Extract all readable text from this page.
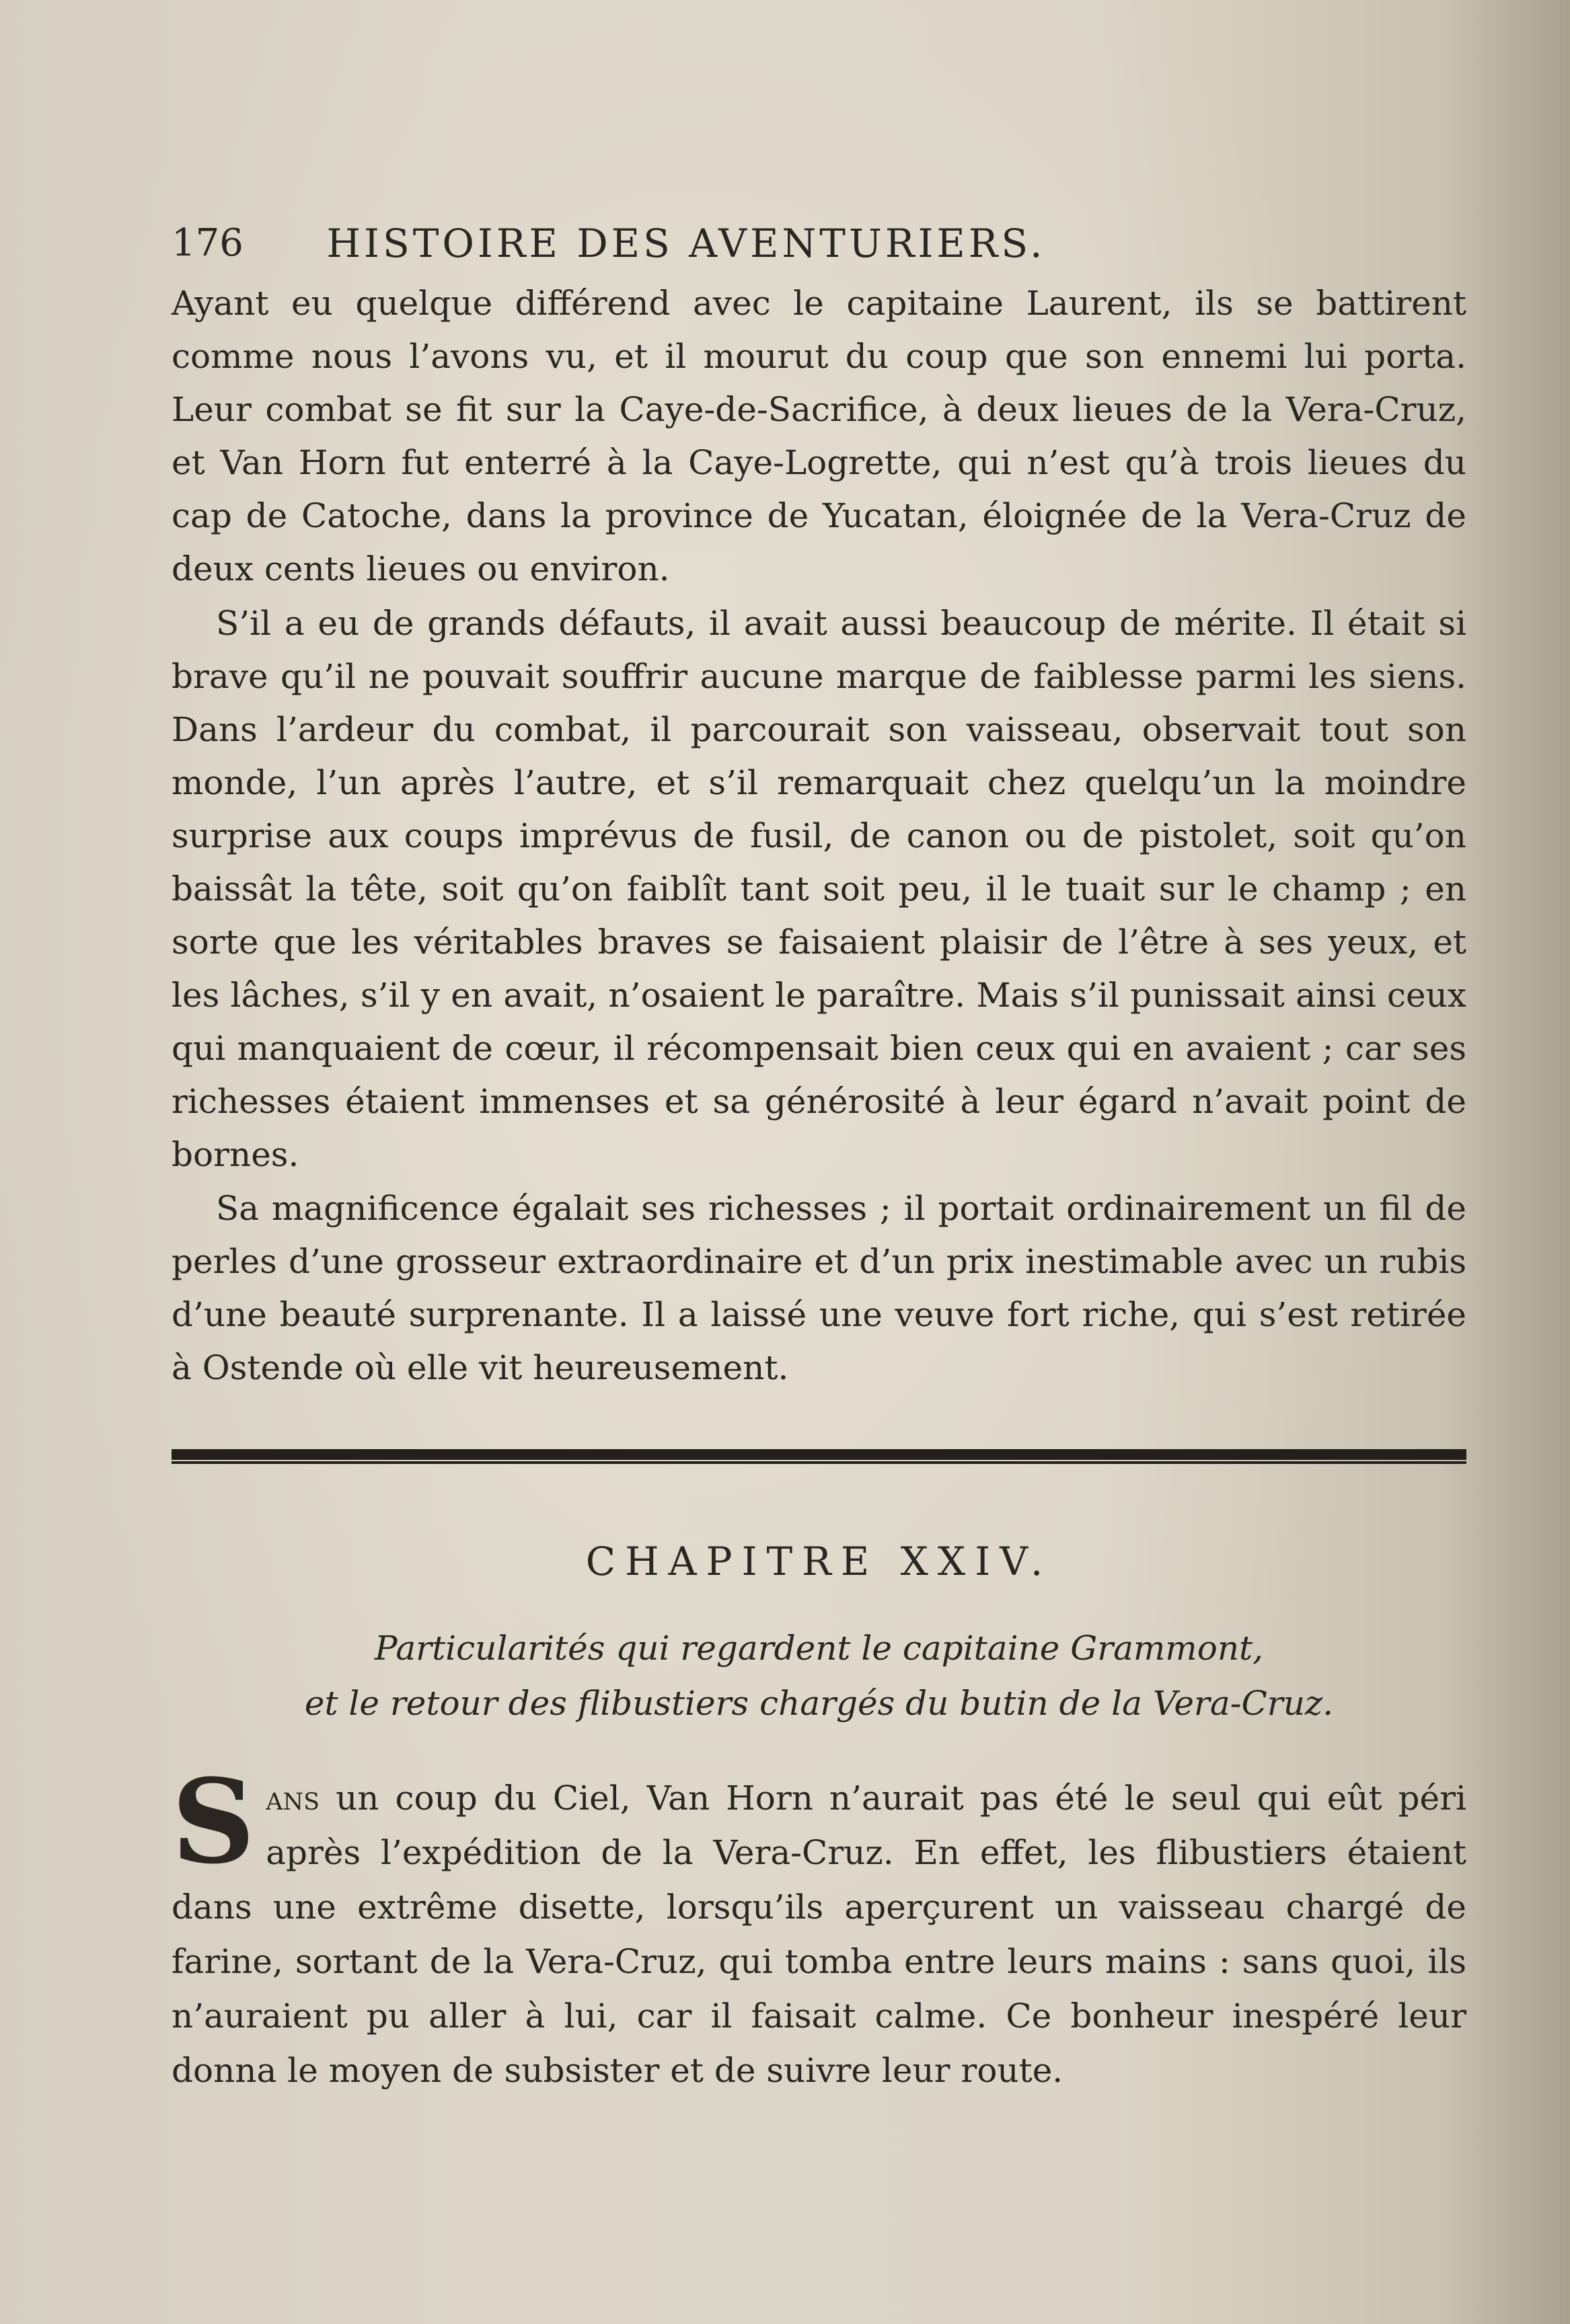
176	HISTOIRE DES AVENTURIERS.

Ayant eu quelque différend avec le capitaine Laurent, ils se battirent comme nous l’avons vu, et il mourut du coup que son ennemi lui porta. Leur combat se fit sur la Caye-de-Sacrifice, à deux lieues de la Vera-Cruz, et Van Horn fut enterré à la Caye-Logrette, qui n’est qu’à trois lieues du cap de Catoche, dans la province de Yucatan, éloignée de la Vera-Cruz de deux cents lieues ou environ.

S’il a eu de grands défauts, il avait aussi beaucoup de mérite. Il était si brave qu’il ne pouvait souffrir aucune marque de faiblesse parmi les siens. Dans l’ardeur du combat, il parcourait son vaisseau, observait tout son monde, l’un après l’autre, et s’il remarquait chez quelqu’un la moindre surprise aux coups imprévus de fusil, de canon ou de pistolet, soit qu’on baissât la tête, soit qu’on faiblît tant soit peu, il le tuait sur le champ ; en sorte que les véritables braves se faisaient plaisir de l’être à ses yeux, et les lâches, s’il y en avait, n’osaient le paraître. Mais s’il punissait ainsi ceux qui manquaient de cœur, il récompensait bien ceux qui en avaient ; car ses richesses étaient immenses et sa générosité à leur égard n’avait point de bornes.

Sa magnificence égalait ses richesses ; il portait ordinairement un fil de perles d’une grosseur extraordinaire et d’un prix inestimable avec un rubis d’une beauté surprenante. Il a laissé une veuve fort riche, qui s’est retirée à Ostende où elle vit heureusement.

CHAPITRE XXIV.
Particularités qui regardent le capitaine Grammont,
et le retour des flibustiers chargés du butin de la Vera-Cruz.

Sans un coup du Ciel, Van Horn n’aurait pas été le seul qui eût péri après l’expédition de la Vera-Cruz. En effet, les flibustiers étaient dans une extrême disette, lorsqu’ils aperçurent un vaisseau chargé de farine, sortant de la Vera-Cruz, qui tomba entre leurs mains : sans quoi, ils n’auraient pu aller à lui, car il faisait calme. Ce bonheur inespéré leur donna le moyen de subsister et de suivre leur route.
